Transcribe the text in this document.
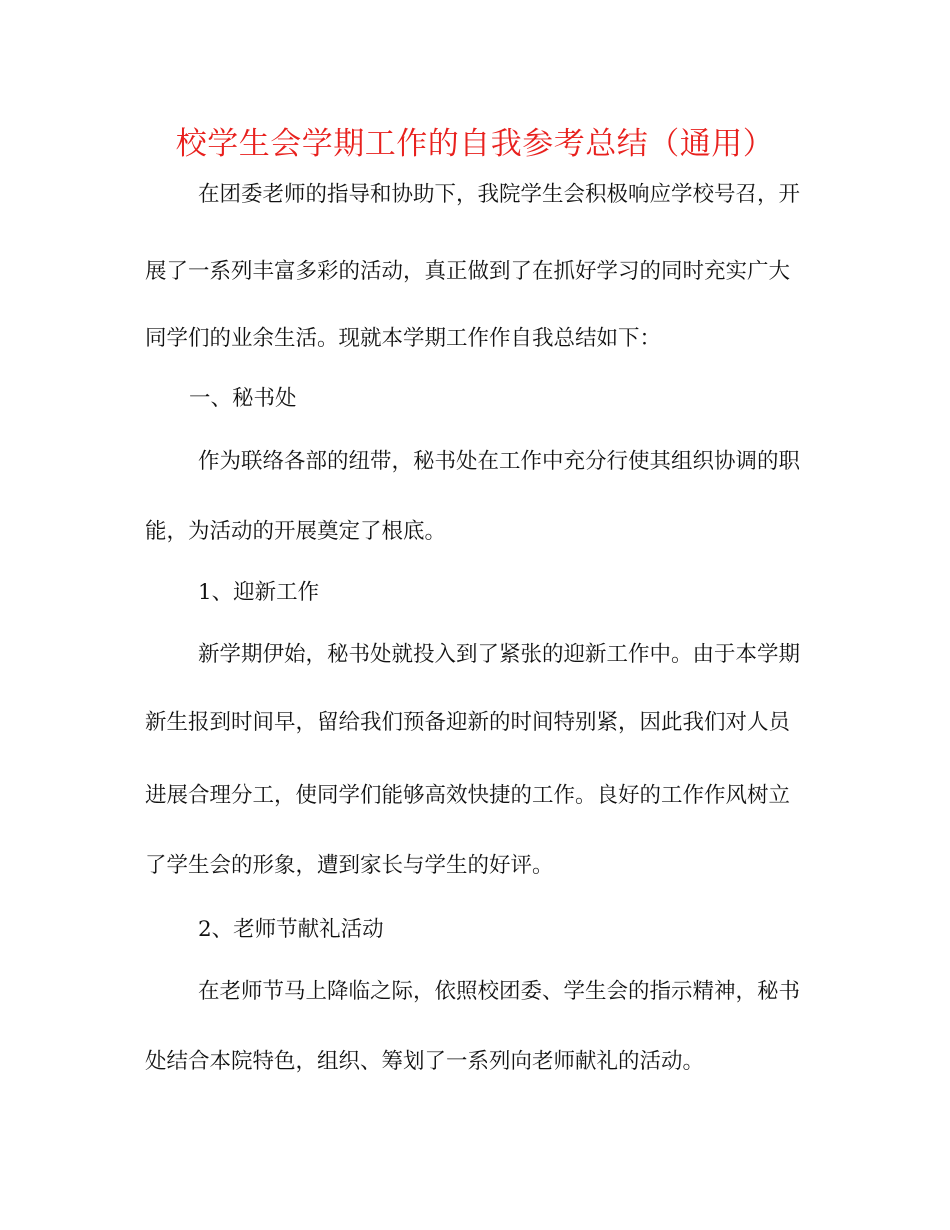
校学生会学期工作的自我参考总结（通用）
在团委老师的指导和协助下，我院学生会积极响应学校号召，开
展了一系列丰富多彩的活动，真正做到了在抓好学习的同时充实广大
同学们的业余生活。现就本学期工作作自我总结如下：
一、秘书处
作为联络各部的纽带，秘书处在工作中充分行使其组织协调的职
能，为活动的开展奠定了根底。
1、迎新工作
新学期伊始，秘书处就投入到了紧张的迎新工作中。由于本学期
新生报到时间早，留给我们预备迎新的时间特别紧，因此我们对人员
进展合理分工，使同学们能够高效快捷的工作。良好的工作作风树立
了学生会的形象，遭到家长与学生的好评。
2、老师节献礼活动
在老师节马上降临之际，依照校团委、学生会的指示精神，秘书
处结合本院特色，组织、筹划了一系列向老师献礼的活动。
